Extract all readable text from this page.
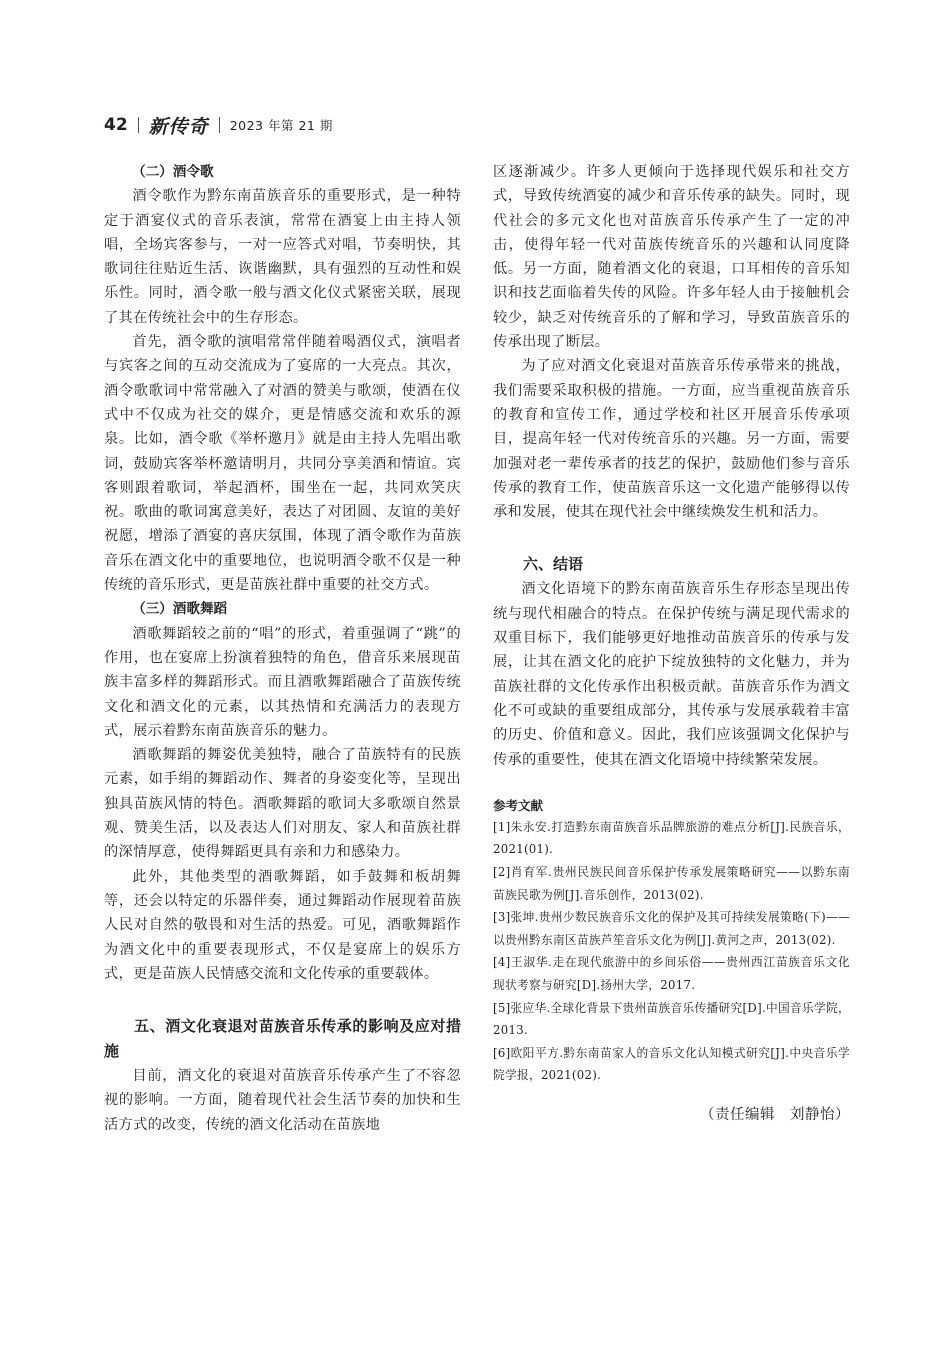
42 新传奇 2023 年第 21 期
（二）酒令歌

酒令歌作为黔东南苗族音乐的重要形式，是一种特定于酒宴仪式的音乐表演，常常在酒宴上由主持人领唱，全场宾客参与，一对一应答式对唱，节奏明快，其歌词往往贴近生活、诙谐幽默，具有强烈的互动性和娱乐性。同时，酒令歌一般与酒文化仪式紧密关联，展现了其在传统社会中的生存形态。

首先，酒令歌的演唱常常伴随着喝酒仪式，演唱者与宾客之间的互动交流成为了宴席的一大亮点。其次，酒令歌歌词中常常融入了对酒的赞美与歌颂，使酒在仪式中不仅成为社交的媒介，更是情感交流和欢乐的源泉。比如，酒令歌《举杯邀月》就是由主持人先唱出歌词，鼓励宾客举杯邀请明月，共同分享美酒和情谊。宾客则跟着歌词，举起酒杯，围坐在一起，共同欢笑庆祝。歌曲的歌词寓意美好，表达了对团圆、友谊的美好祝愿，增添了酒宴的喜庆氛围，体现了酒令歌作为苗族音乐在酒文化中的重要地位，也说明酒令歌不仅是一种传统的音乐形式，更是苗族社群中重要的社交方式。

（三）酒歌舞蹈

酒歌舞蹈较之前的“唱”的形式，着重强调了“跳”的作用，也在宴席上扮演着独特的角色，借音乐来展现苗族丰富多样的舞蹈形式。而且酒歌舞蹈融合了苗族传统文化和酒文化的元素，以其热情和充满活力的表现方式，展示着黔东南苗族音乐的魅力。

酒歌舞蹈的舞姿优美独特，融合了苗族特有的民族元素，如手绢的舞蹈动作、舞者的身姿变化等，呈现出独具苗族风情的特色。酒歌舞蹈的歌词大多歌颂自然景观、赞美生活，以及表达人们对朋友、家人和苗族社群的深情厚意，使得舞蹈更具有亲和力和感染力。

此外，其他类型的酒歌舞蹈，如手鼓舞和板胡舞等，还会以特定的乐器伴奏，通过舞蹈动作展现着苗族人民对自然的敬畏和对生活的热爱。可见，酒歌舞蹈作为酒文化中的重要表现形式，不仅是宴席上的娱乐方式，更是苗族人民情感交流和文化传承的重要载体。

五、酒文化衰退对苗族音乐传承的影响及应对措施

目前，酒文化的衰退对苗族音乐传承产生了不容忽视的影响。一方面，随着现代社会生活节奏的加快和生活方式的改变，传统的酒文化活动在苗族地

区逐渐减少。许多人更倾向于选择现代娱乐和社交方式，导致传统酒宴的减少和音乐传承的缺失。同时，现代社会的多元文化也对苗族音乐传承产生了一定的冲击，使得年轻一代对苗族传统音乐的兴趣和认同度降低。另一方面，随着酒文化的衰退，口耳相传的音乐知识和技艺面临着失传的风险。许多年轻人由于接触机会较少，缺乏对传统音乐的了解和学习，导致苗族音乐的传承出现了断层。

为了应对酒文化衰退对苗族音乐传承带来的挑战，我们需要采取积极的措施。一方面，应当重视苗族音乐的教育和宣传工作，通过学校和社区开展音乐传承项目，提高年轻一代对传统音乐的兴趣。另一方面，需要加强对老一辈传承者的技艺的保护，鼓励他们参与音乐传承的教育工作，使苗族音乐这一文化遗产能够得以传承和发展，使其在现代社会中继续焕发生机和活力。

六、结语

酒文化语境下的黔东南苗族音乐生存形态呈现出传统与现代相融合的特点。在保护传统与满足现代需求的双重目标下，我们能够更好地推动苗族音乐的传承与发展，让其在酒文化的庇护下绽放独特的文化魅力，并为苗族社群的文化传承作出积极贡献。苗族音乐作为酒文化不可或缺的重要组成部分，其传承与发展承载着丰富的历史、价值和意义。因此，我们应该强调文化保护与传承的重要性，使其在酒文化语境中持续繁荣发展。

参考文献
[1]朱永安.打造黔东南苗族音乐品牌旅游的难点分析[J].民族音乐，2021(01).
[2]肖育军.贵州民族民间音乐保护传承发展策略研究——以黔东南苗族民歌为例[J].音乐创作，2013(02).
[3]张坤.贵州少数民族音乐文化的保护及其可持续发展策略(下)——以贵州黔东南区苗族芦笙音乐文化为例[J].黄河之声，2013(02).
[4]王淑华.走在现代旅游中的乡间乐俗——贵州西江苗族音乐文化现状考察与研究[D].扬州大学，2017.
[5]张应华.全球化背景下贵州苗族音乐传播研究[D].中国音乐学院，2013.
[6]欧阳平方.黔东南苗家人的音乐文化认知模式研究[J].中央音乐学院学报，2021(02).
（责任编辑　刘静怡）
